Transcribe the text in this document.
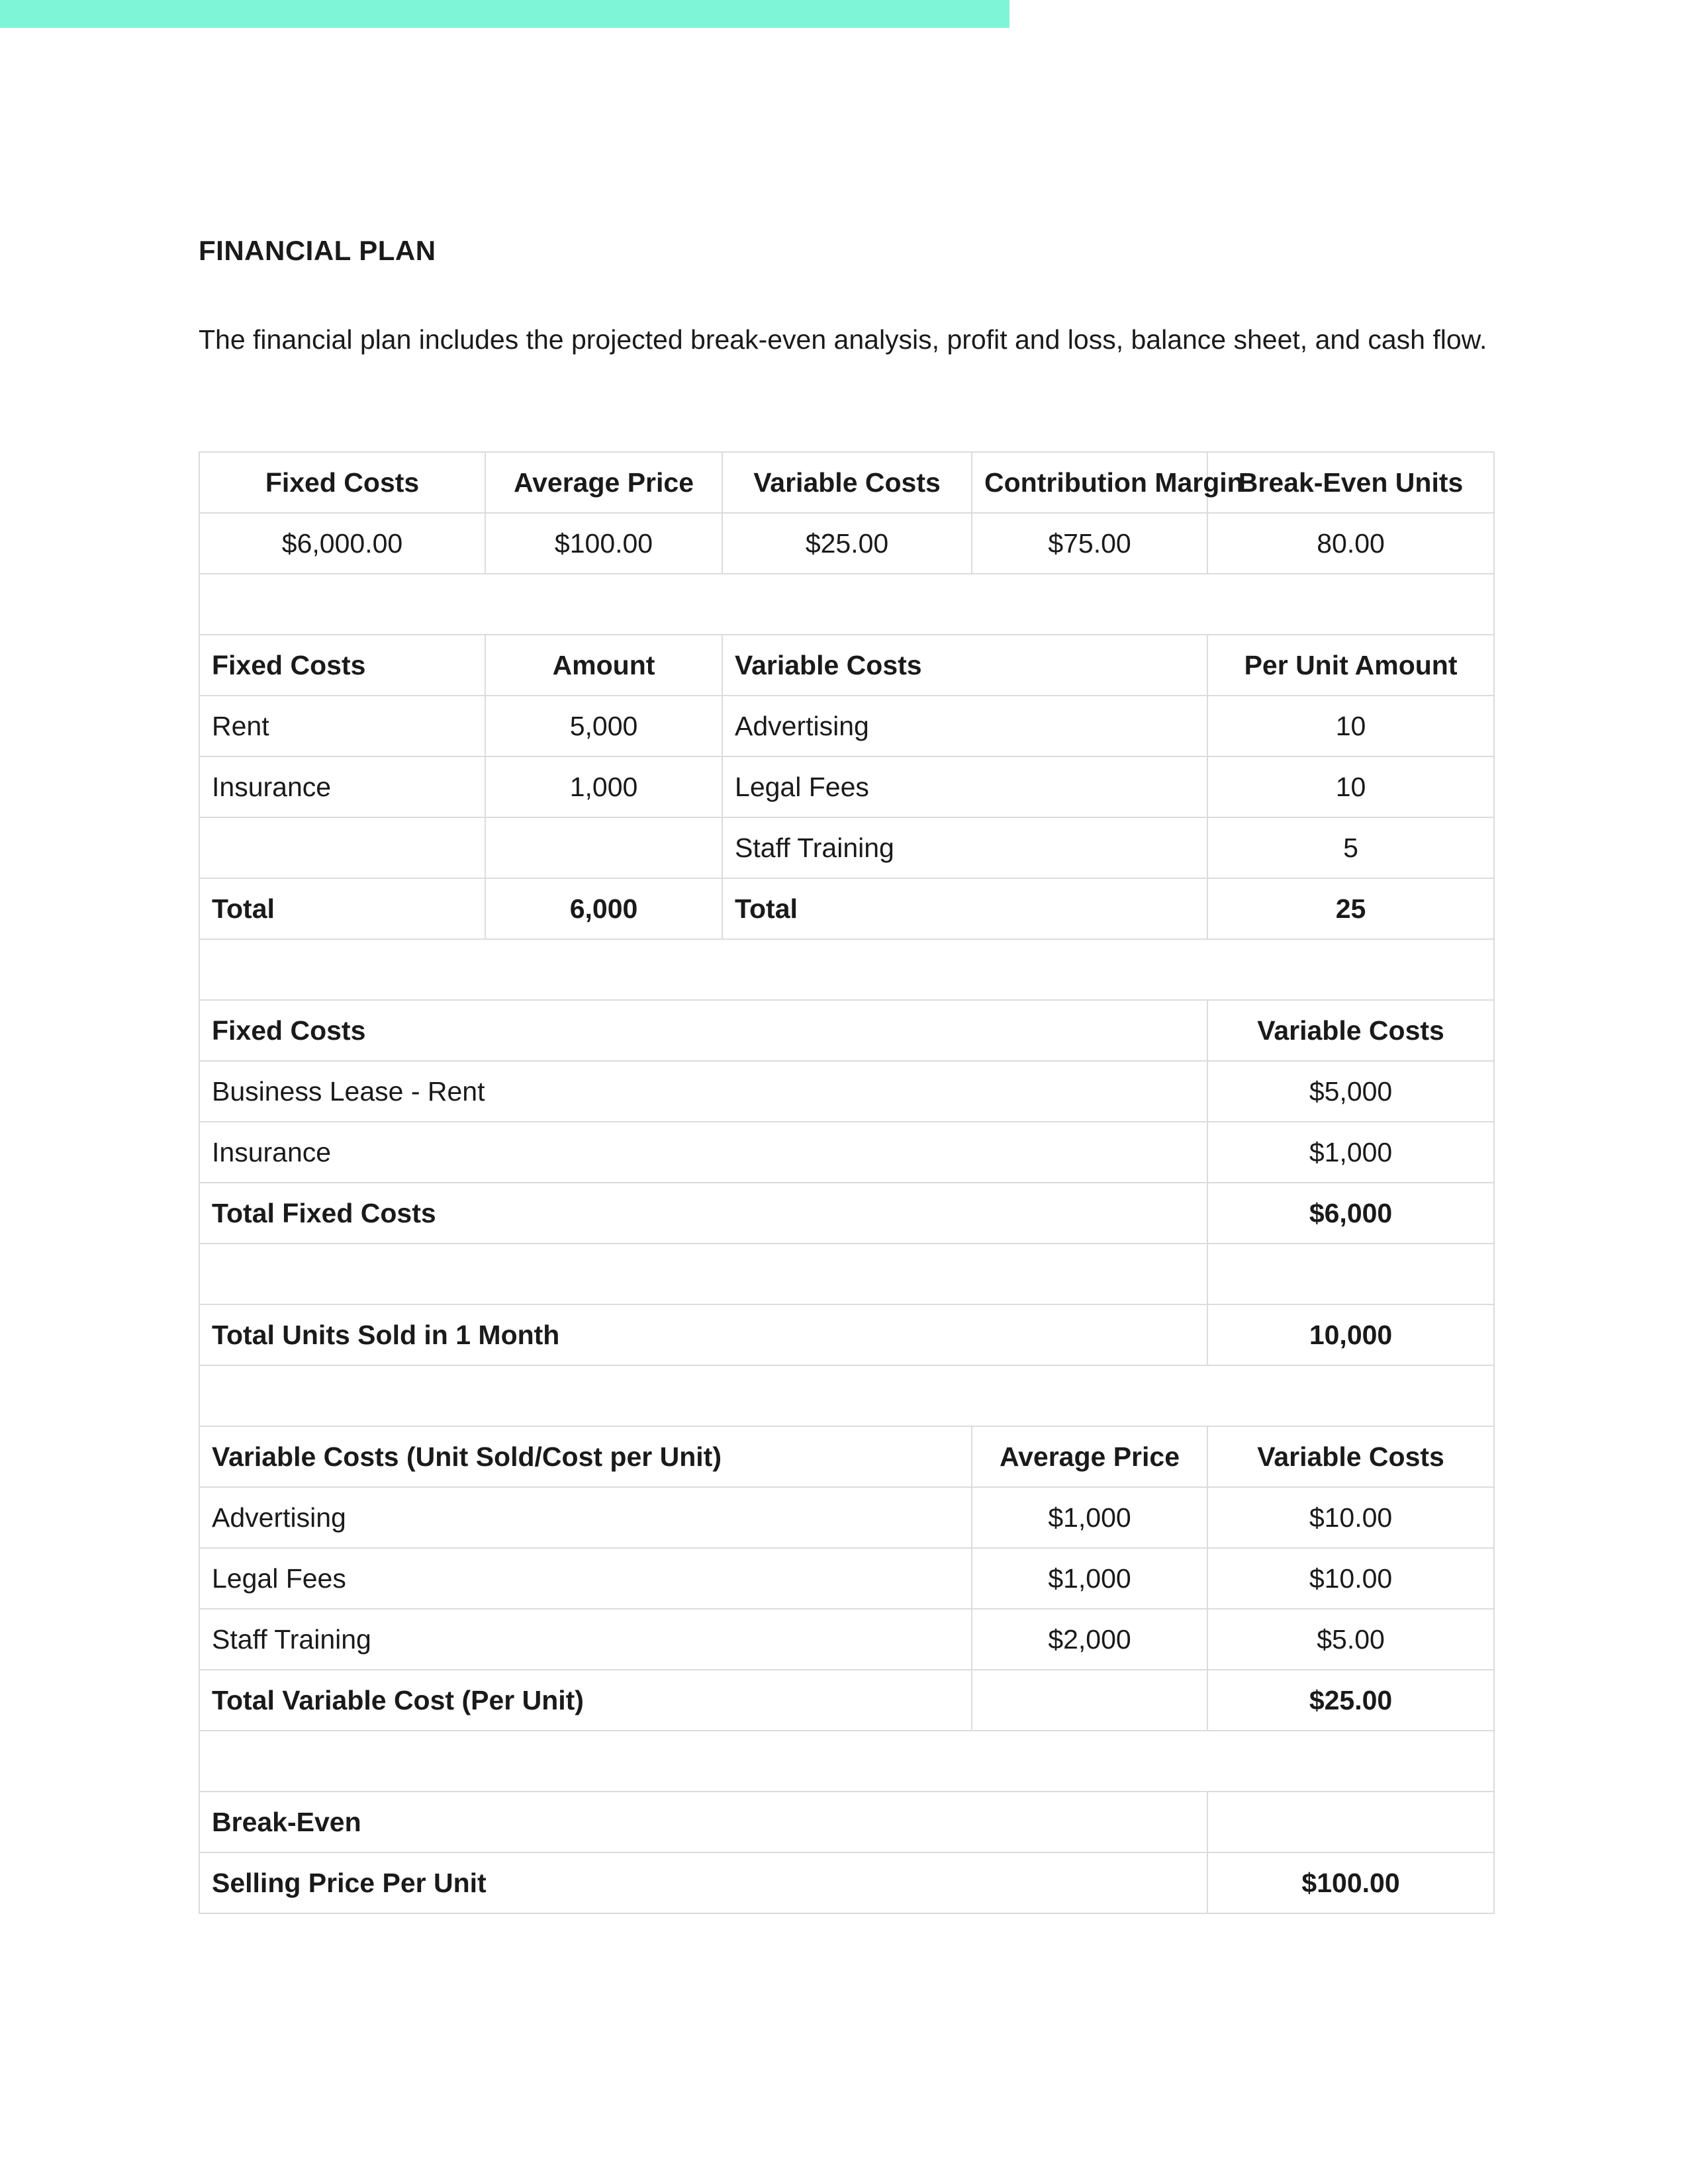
FINANCIAL PLAN

The financial plan includes the projected break-even analysis, profit and loss, balance sheet, and cash flow.

Fixed Costs	Average Price	Variable Costs	Contribution Margin	Break-Even Units
$6,000.00	$100.00	$25.00	$75.00	80.00

Fixed Costs	Amount	Variable Costs		Per Unit Amount
Rent	5,000	Advertising		10
Insurance	1,000	Legal Fees		10
		Staff Training		5
Total	6,000	Total		25

Fixed Costs				Variable Costs
Business Lease - Rent				$5,000
Insurance				$1,000
Total Fixed Costs				$6,000

Total Units Sold in 1 Month				10,000

Variable Costs (Unit Sold/Cost per Unit)			Average Price	Variable Costs
Advertising			$1,000	$10.00
Legal Fees			$1,000	$10.00
Staff Training			$2,000	$5.00
Total Variable Cost (Per Unit)				$25.00

Break-Even				
Selling Price Per Unit				$100.00
